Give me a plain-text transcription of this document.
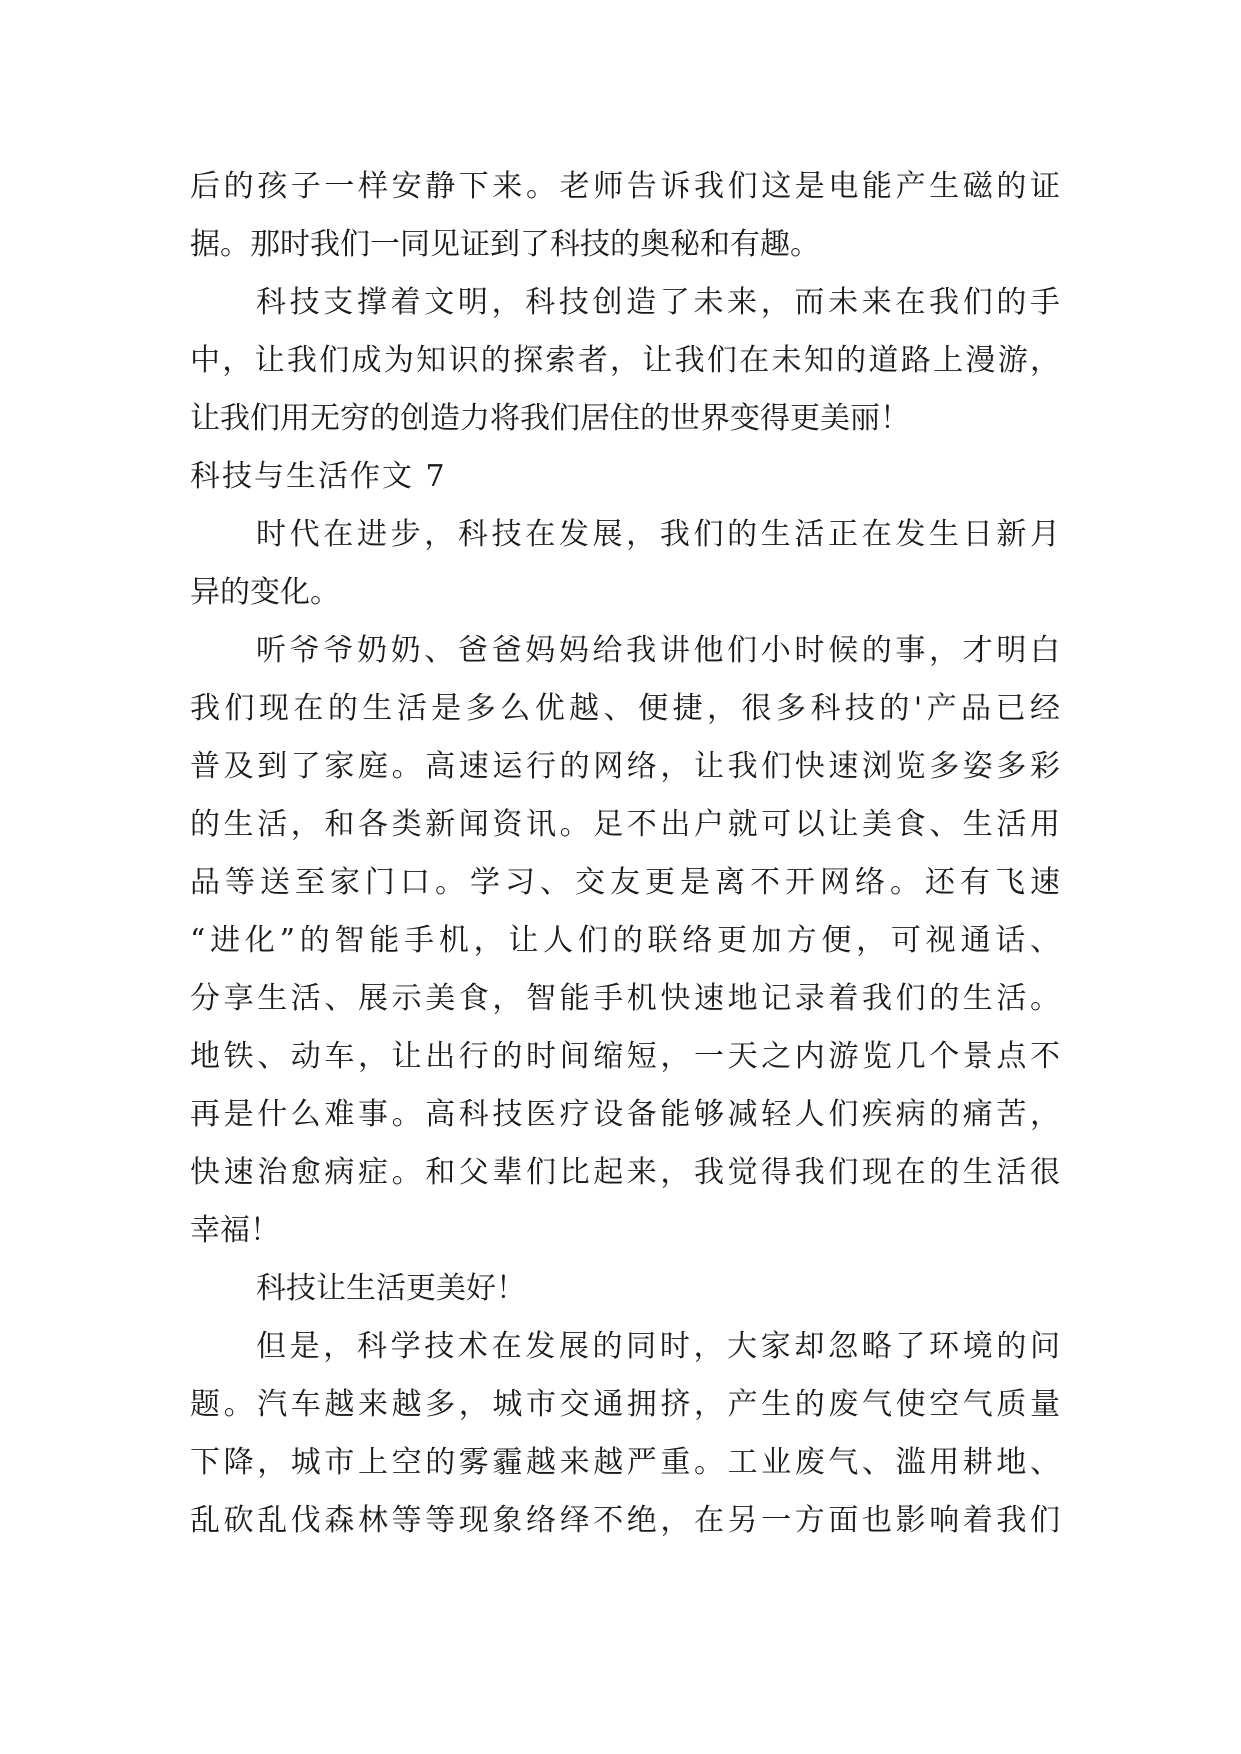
后的孩子一样安静下来。老师告诉我们这是电能产生磁的证
据。那时我们一同见证到了科技的奥秘和有趣。
科技支撑着文明，科技创造了未来，而未来在我们的手
中，让我们成为知识的探索者，让我们在未知的道路上漫游，
让我们用无穷的创造力将我们居住的世界变得更美丽！
科技与生活作文 7
时代在进步，科技在发展，我们的生活正在发生日新月
异的变化。
听爷爷奶奶、爸爸妈妈给我讲他们小时候的事，才明白
我们现在的生活是多么优越、便捷，很多科技的'产品已经
普及到了家庭。高速运行的网络，让我们快速浏览多姿多彩
的生活，和各类新闻资讯。足不出户就可以让美食、生活用
品等送至家门口。学习、交友更是离不开网络。还有飞速
“进化”的智能手机，让人们的联络更加方便，可视通话、
分享生活、展示美食，智能手机快速地记录着我们的生活。
地铁、动车，让出行的时间缩短，一天之内游览几个景点不
再是什么难事。高科技医疗设备能够减轻人们疾病的痛苦，
快速治愈病症。和父辈们比起来，我觉得我们现在的生活很
幸福！
科技让生活更美好！
但是，科学技术在发展的同时，大家却忽略了环境的问
题。汽车越来越多，城市交通拥挤，产生的废气使空气质量
下降，城市上空的雾霾越来越严重。工业废气、滥用耕地、
乱砍乱伐森林等等现象络绎不绝，在另一方面也影响着我们
